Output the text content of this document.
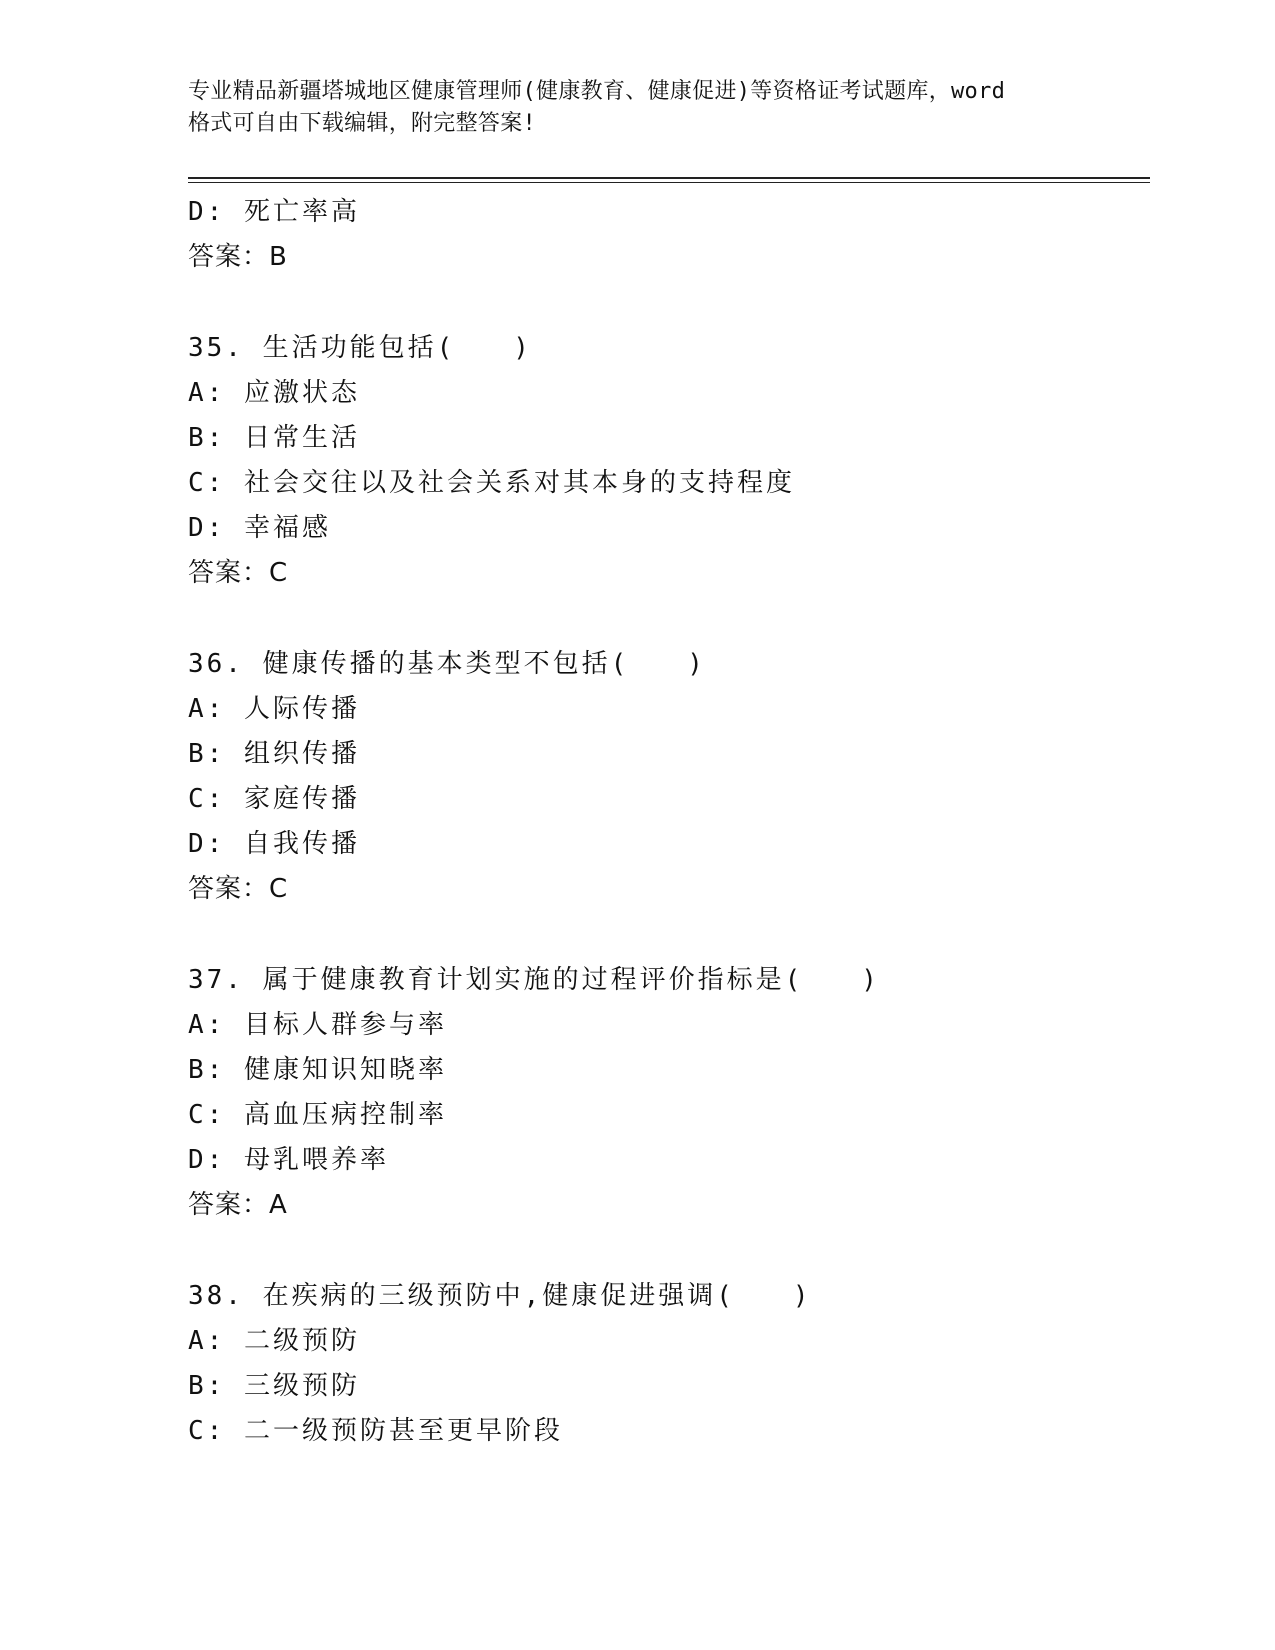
专业精品新疆塔城地区健康管理师(健康教育、健康促进)等资格证考试题库，word
格式可自由下载编辑，附完整答案!
D: 死亡率高
答案：B
35. 生活功能包括(　　)
A: 应激状态
B: 日常生活
C: 社会交往以及社会关系对其本身的支持程度
D: 幸福感
答案：C
36. 健康传播的基本类型不包括(　　)
A: 人际传播
B: 组织传播
C: 家庭传播
D: 自我传播
答案：C
37. 属于健康教育计划实施的过程评价指标是(　　)
A: 目标人群参与率
B: 健康知识知晓率
C: 高血压病控制率
D: 母乳喂养率
答案：A
38. 在疾病的三级预防中,健康促进强调(　　)
A: 二级预防
B: 三级预防
C: 二一级预防甚至更早阶段
